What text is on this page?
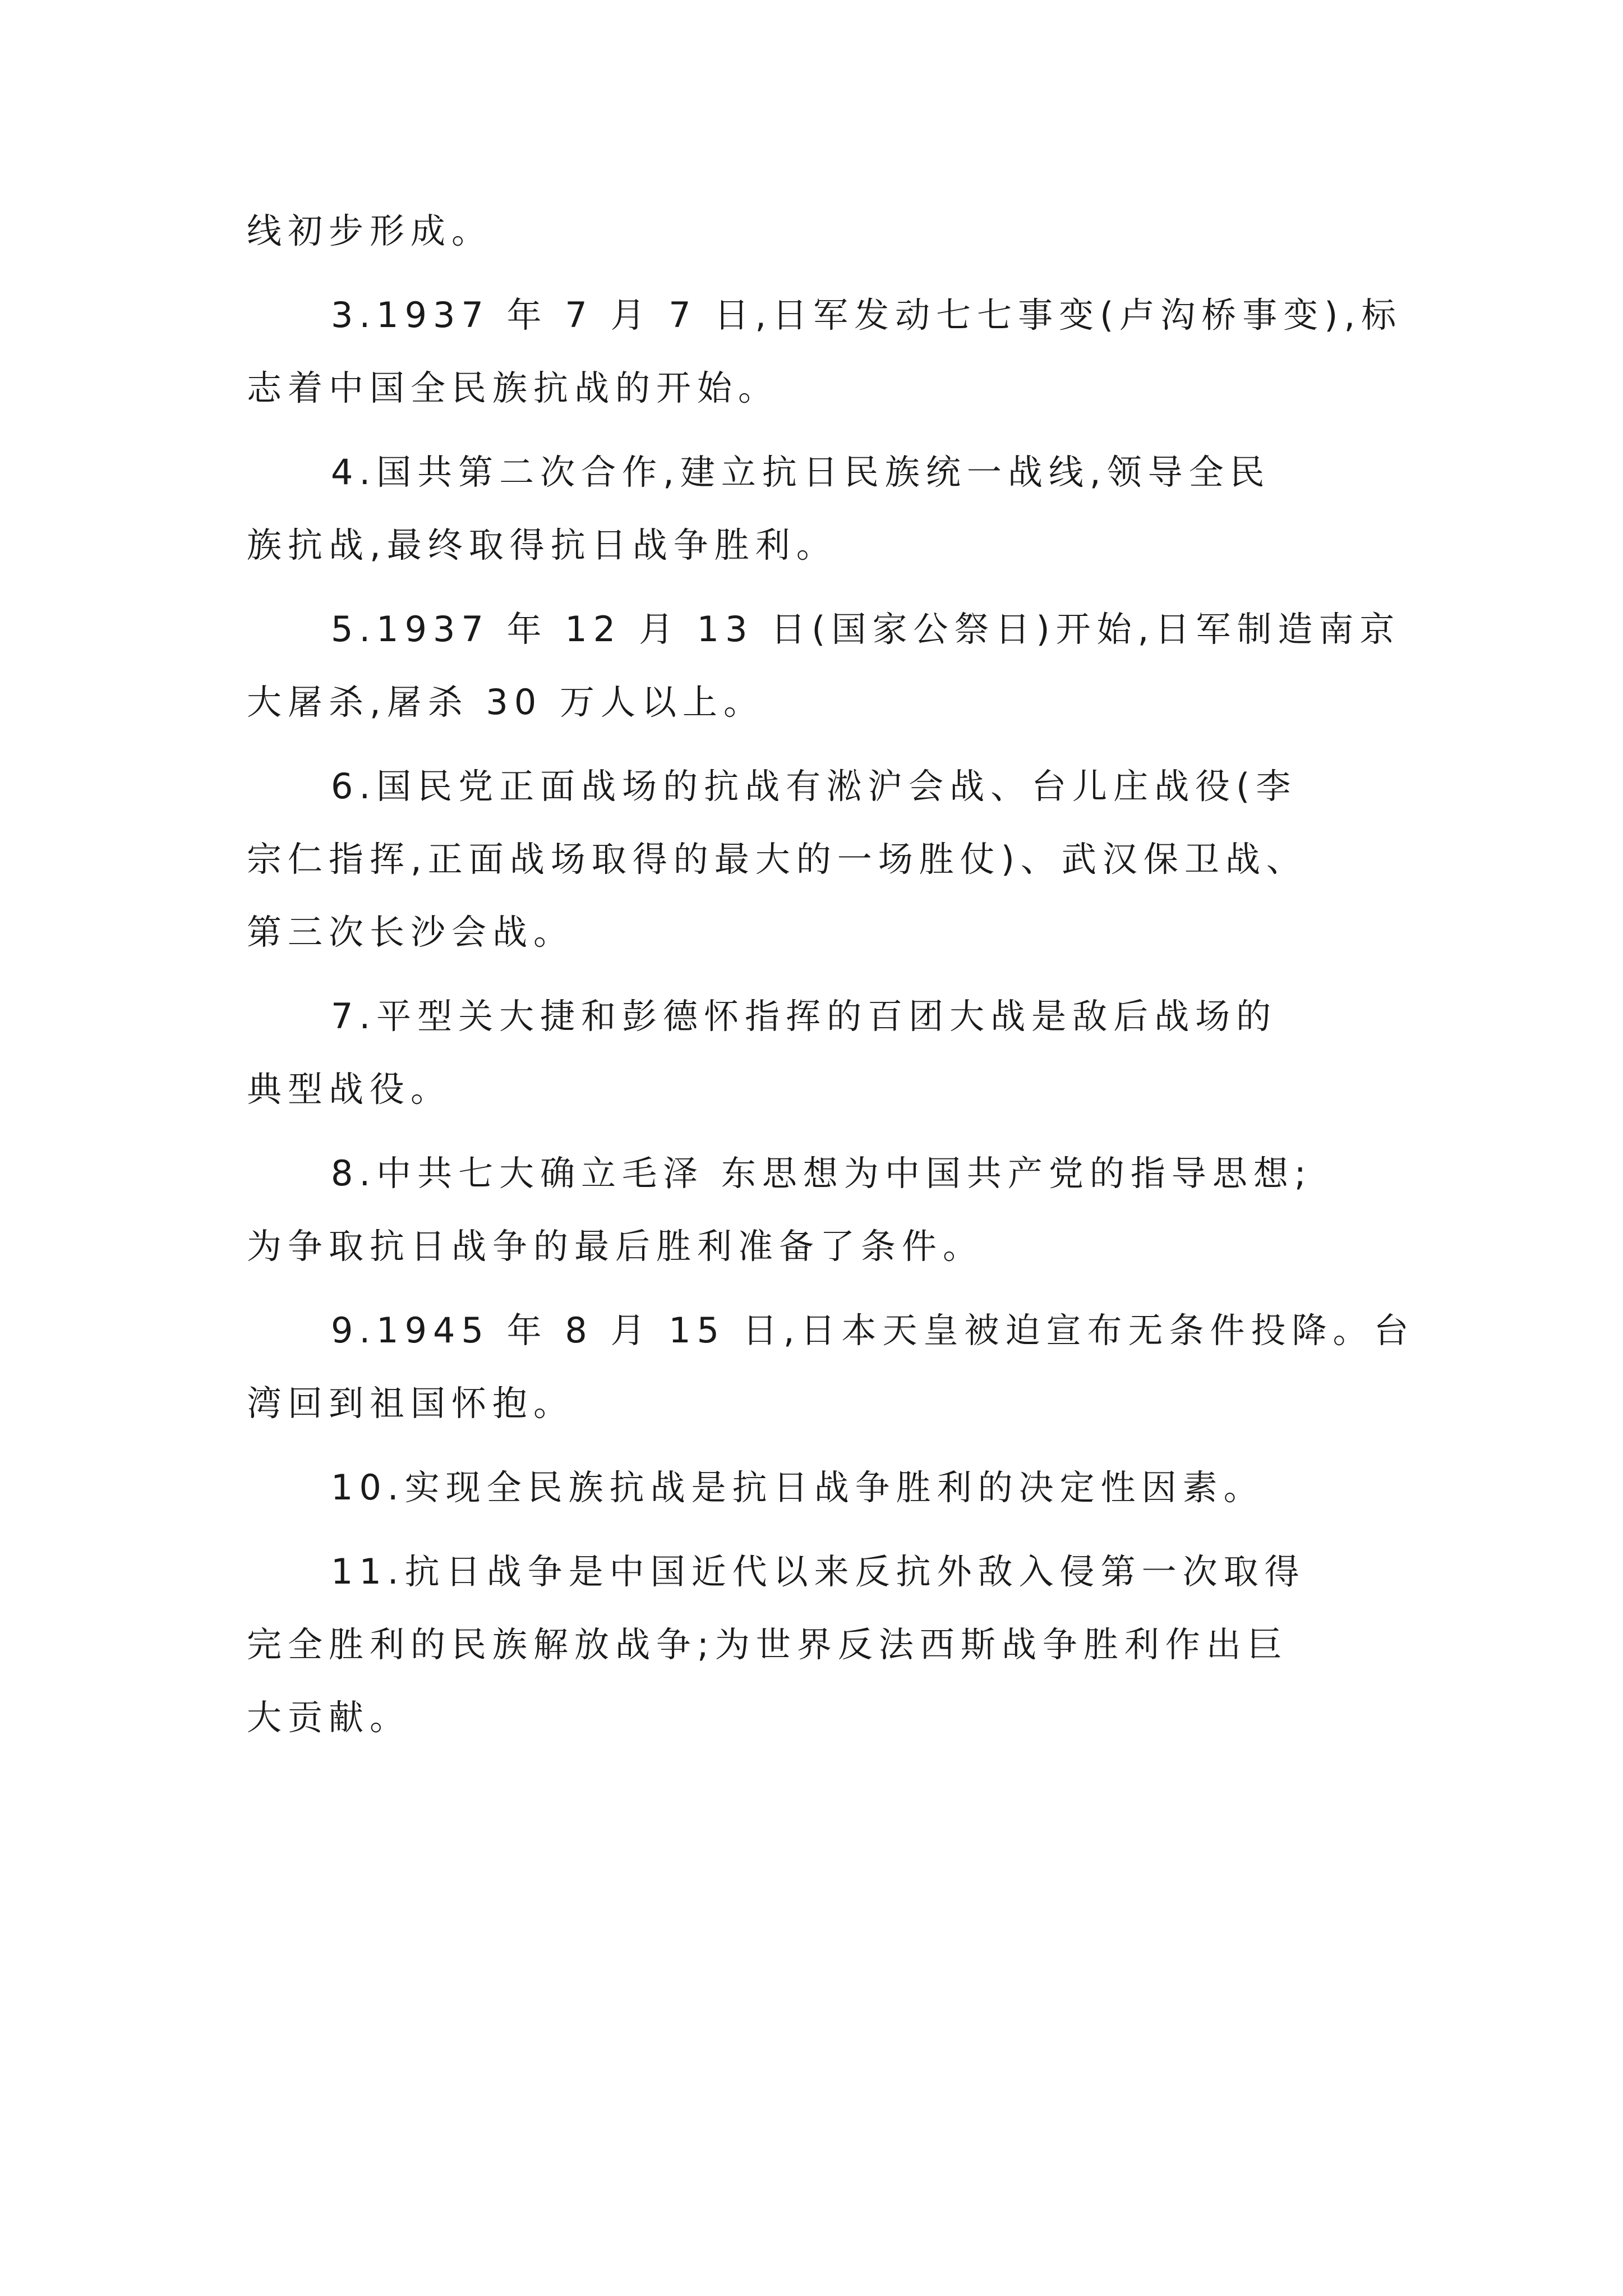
线初步形成。
3.1937 年 7 月 7 日,日军发动七七事变(卢沟桥事变),标
志着中国全民族抗战的开始。
4.国共第二次合作,建立抗日民族统一战线,领导全民
族抗战,最终取得抗日战争胜利。
5.1937 年 12 月 13 日(国家公祭日)开始,日军制造南京
大屠杀,屠杀 30 万人以上。
6.国民党正面战场的抗战有淞沪会战、台儿庄战役(李
宗仁指挥,正面战场取得的最大的一场胜仗)、武汉保卫战、
第三次长沙会战。
7.平型关大捷和彭德怀指挥的百团大战是敌后战场的
典型战役。
8.中共七大确立毛泽 东思想为中国共产党的指导思想;
为争取抗日战争的最后胜利准备了条件。
9.1945 年 8 月 15 日,日本天皇被迫宣布无条件投降。台
湾回到祖国怀抱。
10.实现全民族抗战是抗日战争胜利的决定性因素。
11.抗日战争是中国近代以来反抗外敌入侵第一次取得
完全胜利的民族解放战争;为世界反法西斯战争胜利作出巨
大贡献。
